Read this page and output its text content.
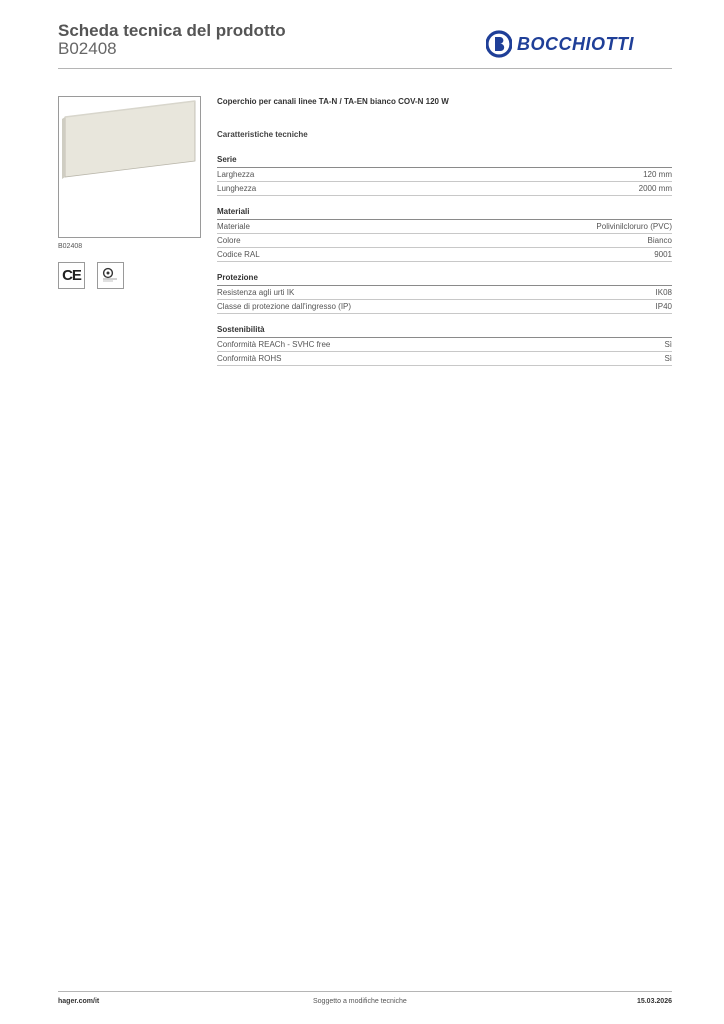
Scheda tecnica del prodotto
B02408	BOCCHIOTTI
B02408
CE
Coperchio per canali linee TA-N / TA-EN bianco COV-N 120 W
Caratteristiche tecniche
Serie
Larghezza	120 mm
Lunghezza	2000 mm
Materiali
Materiale	Polivinilcloruro (PVC)
Colore	Bianco
Codice RAL	9001
Protezione
Resistenza agli urti IK	IK08
Classe di protezione dall'ingresso (IP)	IP40
Sostenibilità
Conformità REACh - SVHC free	Sì
Conformità ROHS	Sì
hager.com/it	Soggetto a modifiche tecniche	15.03.2026
